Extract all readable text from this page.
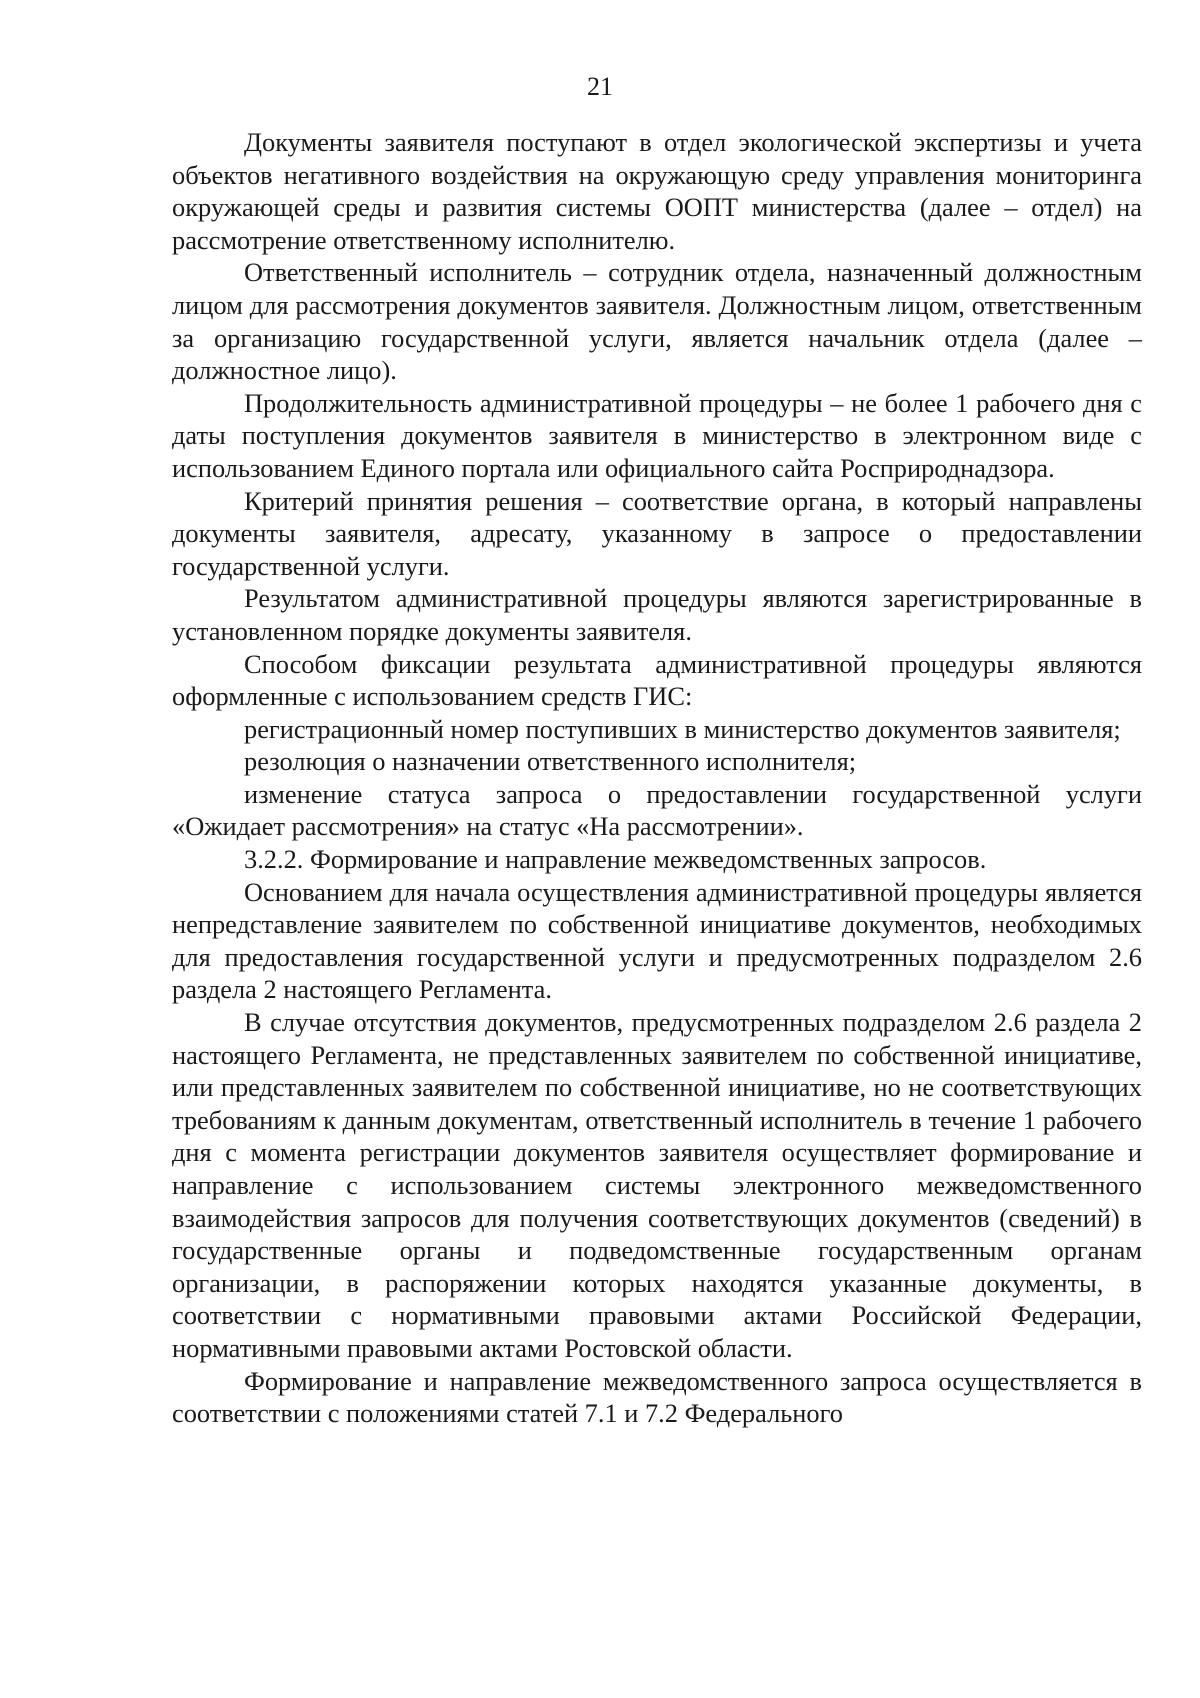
21

Документы заявителя поступают в отдел экологической экспертизы и учета объектов негативного воздействия на окружающую среду управления мониторинга окружающей среды и развития системы ООПТ министерства (далее – отдел) на рассмотрение ответственному исполнителю.

Ответственный исполнитель – сотрудник отдела, назначенный должностным лицом для рассмотрения документов заявителя. Должностным лицом, ответственным за организацию государственной услуги, является начальник отдела (далее – должностное лицо).

Продолжительность административной процедуры – не более 1 рабочего дня с даты поступления документов заявителя в министерство в электронном виде с использованием Единого портала или официального сайта Росприроднадзора.

Критерий принятия решения – соответствие органа, в который направлены документы заявителя, адресату, указанному в запросе о предоставлении государственной услуги.

Результатом административной процедуры являются зарегистрированные в установленном порядке документы заявителя.

Способом фиксации результата административной процедуры являются оформленные с использованием средств ГИС:

регистрационный номер поступивших в министерство документов заявителя;

резолюция о назначении ответственного исполнителя;

изменение статуса запроса о предоставлении государственной услуги «Ожидает рассмотрения» на статус «На рассмотрении».

3.2.2. Формирование и направление межведомственных запросов.

Основанием для начала осуществления административной процедуры является непредставление заявителем по собственной инициативе документов, необходимых для предоставления государственной услуги и предусмотренных подразделом 2.6 раздела 2 настоящего Регламента.

В случае отсутствия документов, предусмотренных подразделом 2.6 раздела 2 настоящего Регламента, не представленных заявителем по собственной инициативе, или представленных заявителем по собственной инициативе, но не соответствующих требованиям к данным документам, ответственный исполнитель в течение 1 рабочего дня с момента регистрации документов заявителя осуществляет формирование и направление с использованием системы электронного межведомственного взаимодействия запросов для получения соответствующих документов (сведений) в государственные органы и подведомственные государственным органам организации, в распоряжении которых находятся указанные документы, в соответствии с нормативными правовыми актами Российской Федерации, нормативными правовыми актами Ростовской области.

Формирование и направление межведомственного запроса осуществляется в соответствии с положениями статей 7.1 и 7.2 Федерального
